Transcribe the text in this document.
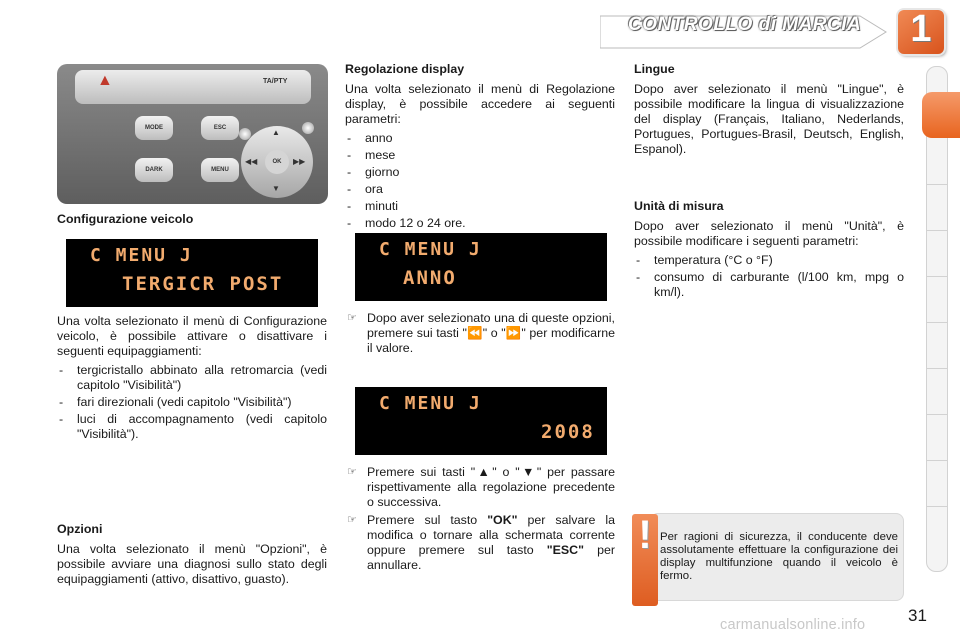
CONTROLLO di MARCIA	1
▲	TA/PTY
MODE
DARK
ESC
MENU
OK
▲
▼
◀◀	▶▶
Configurazione veicolo
C MENU J
TERGICR POST

Una volta selezionato il menù di Configurazione veicolo, è possibile attivare o disattivare i seguenti equipaggiamenti:

- tergicristallo abbinato alla retromarcia (vedi capitolo "Visibilità")
- fari direzionali (vedi capitolo "Visibilità")
- luci di accompagnamento (vedi capitolo "Visibilità").
Opzioni

Una volta selezionato il menù "Opzioni", è possibile avviare una diagnosi sullo stato degli equipaggiamenti (attivo, disattivo, guasto).

Regolazione display

Una volta selezionato il menù di Regolazione display, è possibile accedere ai seguenti parametri:

- anno
- mese
- giorno
- ora
- minuti
- modo 12 o 24 ore.
C MENU J
ANNO
☞ Dopo aver selezionato una di queste opzioni, premere sui tasti "⏪" o "⏩" per modificarne il valore.
C MENU J
2008
☞ Premere sui tasti "▲" o "▼" per passare rispettivamente alla regolazione precedente o successiva.
☞ Premere sul tasto "OK" per salvare la modifica o tornare alla schermata corrente oppure premere sul tasto "ESC" per annullare.
Lingue

Dopo aver selezionato il menù "Lingue", è possibile modificare la lingua di visualizzazione del display (Français, Italiano, Nederlands, Portugues, Portugues-Brasil, Deutsch, English, Espanol).

Unità di misura

Dopo aver selezionato il menù "Unità", è possibile modificare i seguenti parametri:

- temperatura (°C o °F)
- consumo di carburante (l/100 km, mpg o km/l).
! Per ragioni di sicurezza, il conducente deve assolutamente effettuare la configurazione dei display multifunzione quando il veicolo è fermo.
31
carmanualsonline.info
